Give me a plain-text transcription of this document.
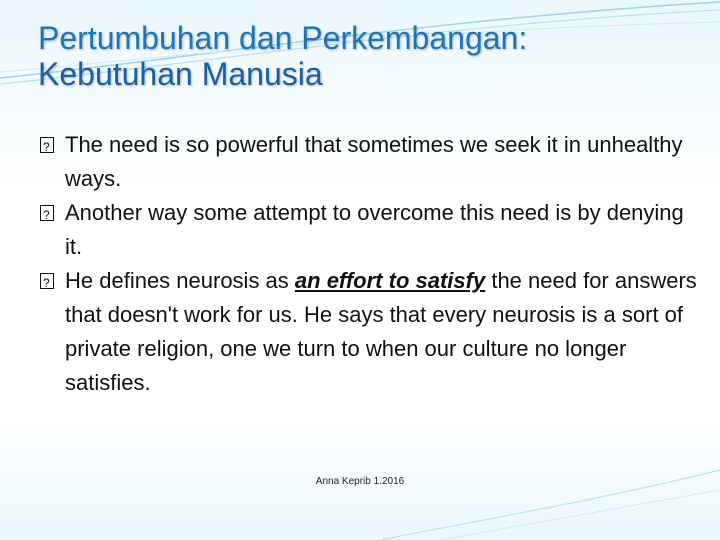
Pertumbuhan dan Perkembangan:
Kebutuhan Manusia
?
The need is so powerful that sometimes we seek it in unhealthy ways.
?
Another way some attempt to overcome this need is by denying it.
?
He defines neurosis as an effort to satisfy the need for answers that doesn't work for us. He says that every neurosis is a sort of private religion, one we turn to when our culture no longer satisfies.
Anna Keprib 1.2016
